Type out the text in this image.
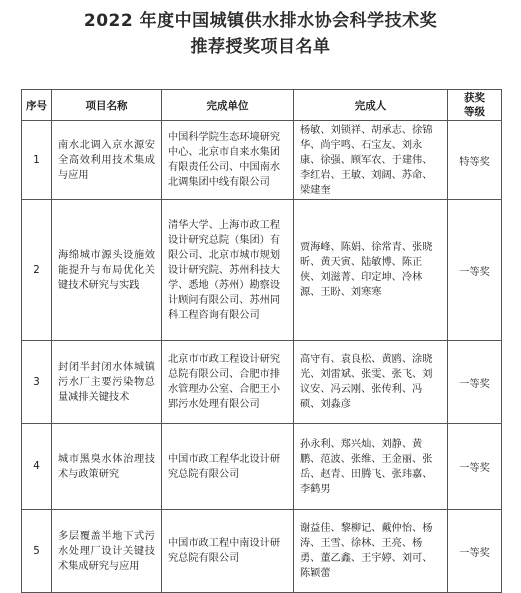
2022 年度中国城镇供水排水协会科学技术奖
推荐授奖项目名单
序号	项目名称	完成单位	完成人	获奖
等级

1	南水北调入京水源安全高效利用技术集成与应用	中国科学院生态环境研究中心、北京市自来水集团有限责任公司、中国南水北调集团中线有限公司	杨敏、刘锁祥、胡承志、徐锦华、尚宇鸣、石宝友、刘永康、徐强、顾军农、于建伟、李红岩、王敏、刘阔、苏命、梁建奎	特等奖
2	海绵城市源头设施效能提升与布局优化关键技术研究与实践	清华大学、上海市政工程设计研究总院（集团）有限公司、北京市城市规划设计研究院、苏州科技大学、悉地（苏州）勘察设计顾问有限公司、苏州同科工程咨询有限公司	贾海峰、陈娟、徐常青、张晓昕、黄天寅、陆敏博、陈正侠、刘滋菁、印定坤、冷林源、王盼、刘寒寒	一等奖
3	封闭半封闭水体城镇污水厂主要污染物总量减排关键技术	北京市市政工程设计研究总院有限公司、合肥市排水管理办公室、合肥王小郢污水处理有限公司	高守有、袁良松、黄鸥、涂晓光、刘雷斌、张雯、张飞、刘议安、冯云刚、张传利、冯硕、刘淼彦	一等奖
4	城市黑臭水体治理技术与政策研究	中国市政工程华北设计研究总院有限公司	孙永利、郑兴灿、刘静、黄鹏、范波、张维、王金丽、张岳、赵青、田腾飞、张玮嘉、李鹤男	一等奖
5	多层覆盖半地下式污水处理厂设计关键技术集成研究与应用	中国市政工程中南设计研究总院有限公司	谢益佳、黎柳记、戴仲怡、杨涛、王雪、徐林、王亮、杨勇、董乙鑫、王宇婷、刘可、陈颖蕾	一等奖
